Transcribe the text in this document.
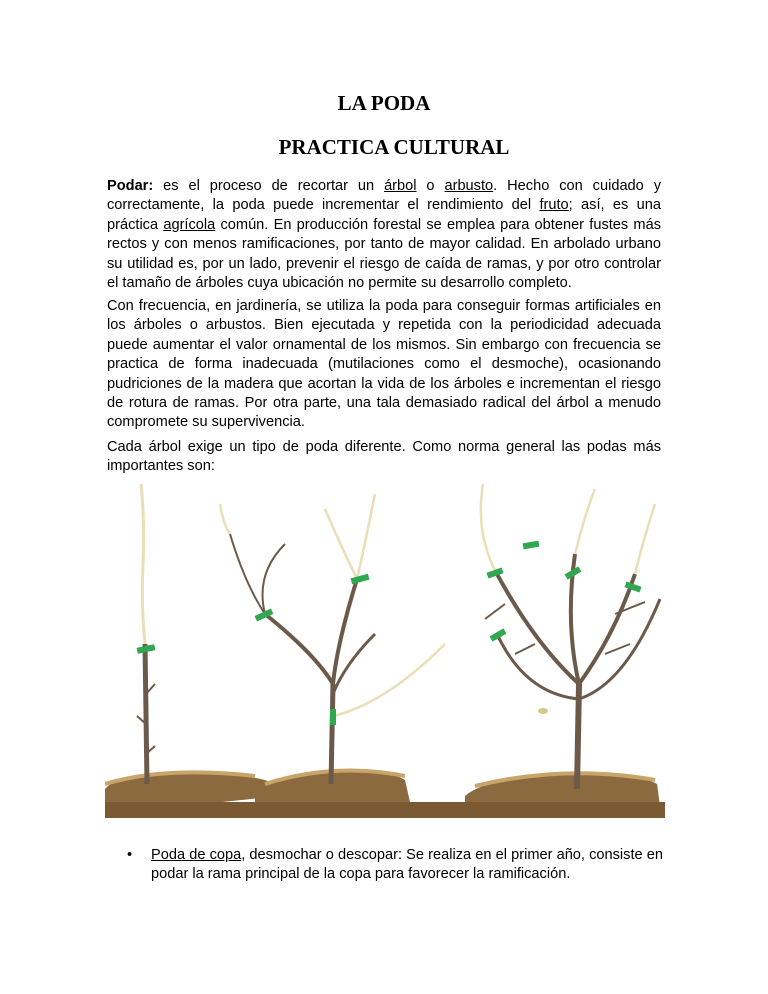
LA PODA
PRACTICA CULTURAL
Podar: es el proceso de recortar un árbol o arbusto. Hecho con cuidado y correctamente, la poda puede incrementar el rendimiento del fruto; así, es una práctica agrícola común. En producción forestal se emplea para obtener fustes más rectos y con menos ramificaciones, por tanto de mayor calidad. En arbolado urbano su utilidad es, por un lado, prevenir el riesgo de caída de ramas, y por otro controlar el tamaño de árboles cuya ubicación no permite su desarrollo completo.
Con frecuencia, en jardinería, se utiliza la poda para conseguir formas artificiales en los árboles o arbustos. Bien ejecutada y repetida con la periodicidad adecuada puede aumentar el valor ornamental de los mismos. Sin embargo con frecuencia se practica de forma inadecuada (mutilaciones como el desmoche), ocasionando pudriciones de la madera que acortan la vida de los árboles e incrementan el riesgo de rotura de ramas. Por otra parte, una tala demasiado radical del árbol a menudo compromete su supervivencia.
Cada árbol exige un tipo de poda diferente. Como norma general las podas más importantes son:
• Poda de copa, desmochar o descopar: Se realiza en el primer año, consiste en podar la rama principal de la copa para favorecer la ramificación.
